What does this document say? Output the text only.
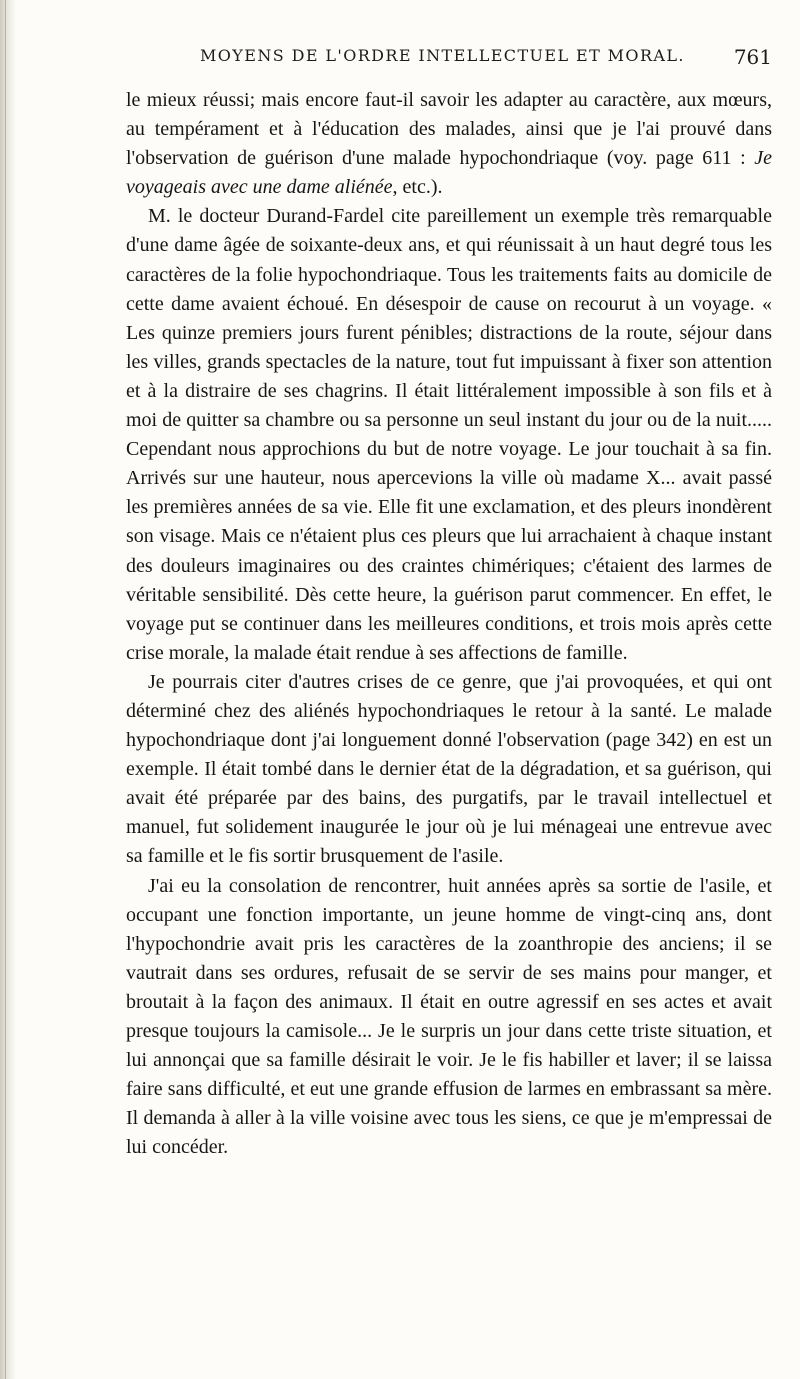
MOYENS DE L'ORDRE INTELLECTUEL ET MORAL. 761

le mieux réussi; mais encore faut-il savoir les adapter au caractère, aux mœurs, au tempérament et à l'éducation des malades, ainsi que je l'ai prouvé dans l'observation de guérison d'une malade hypochondriaque (voy. page 611 : Je voyageais avec une dame aliénée, etc.).

M. le docteur Durand-Fardel cite pareillement un exemple très remarquable d'une dame âgée de soixante-deux ans, et qui réunissait à un haut degré tous les caractères de la folie hypochondriaque. Tous les traitements faits au domicile de cette dame avaient échoué. En désespoir de cause on recourut à un voyage. « Les quinze premiers jours furent pénibles; distractions de la route, séjour dans les villes, grands spectacles de la nature, tout fut impuissant à fixer son attention et à la distraire de ses chagrins. Il était littéralement impossible à son fils et à moi de quitter sa chambre ou sa personne un seul instant du jour ou de la nuit..... Cependant nous approchions du but de notre voyage. Le jour touchait à sa fin. Arrivés sur une hauteur, nous apercevions la ville où madame X... avait passé les premières années de sa vie. Elle fit une exclamation, et des pleurs inondèrent son visage. Mais ce n'étaient plus ces pleurs que lui arrachaient à chaque instant des douleurs imaginaires ou des craintes chimériques; c'étaient des larmes de véritable sensibilité. Dès cette heure, la guérison parut commencer. En effet, le voyage put se continuer dans les meilleures conditions, et trois mois après cette crise morale, la malade était rendue à ses affections de famille.

Je pourrais citer d'autres crises de ce genre, que j'ai provoquées, et qui ont déterminé chez des aliénés hypochondriaques le retour à la santé. Le malade hypochondriaque dont j'ai longuement donné l'observation (page 342) en est un exemple. Il était tombé dans le dernier état de la dégradation, et sa guérison, qui avait été préparée par des bains, des purgatifs, par le travail intellectuel et manuel, fut solidement inaugurée le jour où je lui ménageai une entrevue avec sa famille et le fis sortir brusquement de l'asile.

J'ai eu la consolation de rencontrer, huit années après sa sortie de l'asile, et occupant une fonction importante, un jeune homme de vingt-cinq ans, dont l'hypochondrie avait pris les caractères de la zoanthropie des anciens; il se vautrait dans ses ordures, refusait de se servir de ses mains pour manger, et broutait à la façon des animaux. Il était en outre agressif en ses actes et avait presque toujours la camisole... Je le surpris un jour dans cette triste situation, et lui annonçai que sa famille désirait le voir. Je le fis habiller et laver; il se laissa faire sans difficulté, et eut une grande effusion de larmes en embrassant sa mère. Il demanda à aller à la ville voisine avec tous les siens, ce que je m'empressai de lui concéder.
